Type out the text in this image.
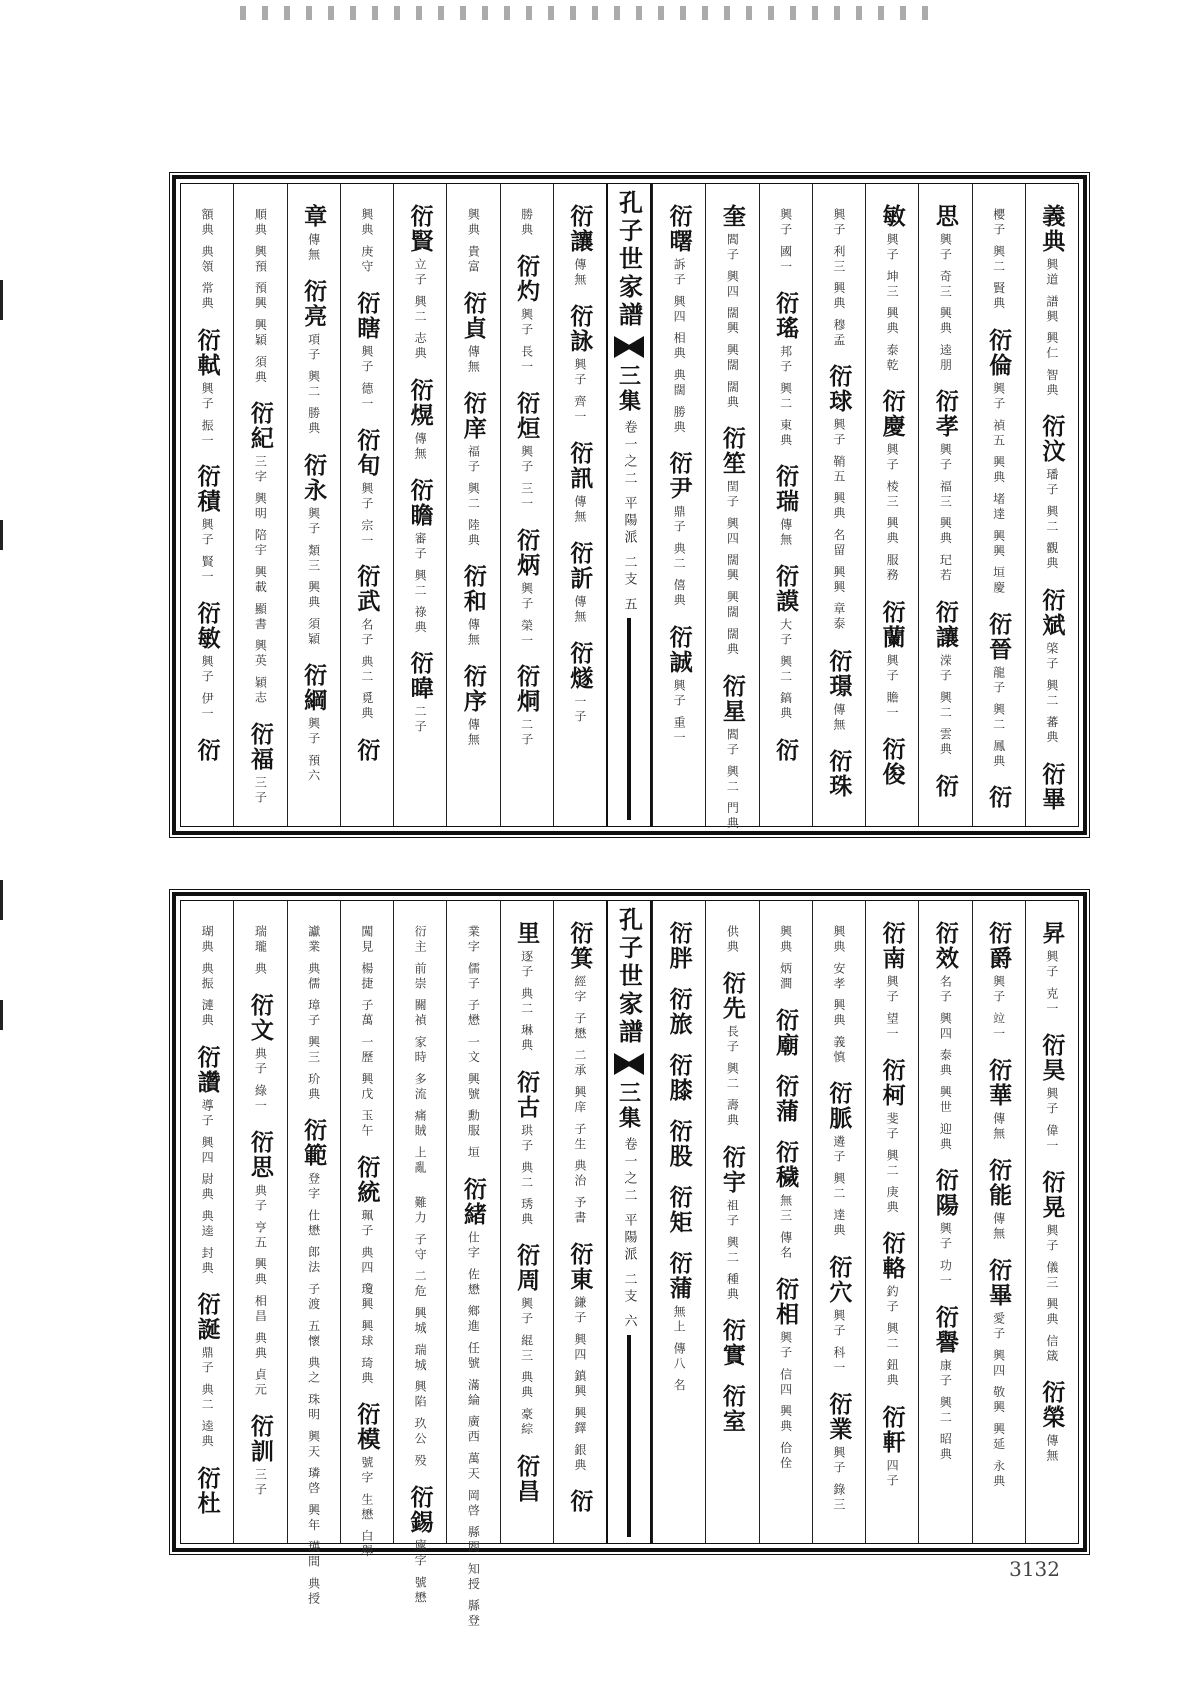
義典
興道 譜興 興仁 智典
衍汶
璠子 興二 觀典
衍斌
棨子 興二 蕃典
衍畢
櫻子 興二 賢典
衍倫
興子 禎五 興典 堵達 興興 垣慶
衍晉
龍子 興二 鳳典
衍
思
興子 奇三 興典 逵朋
衍孝
興子 福三 興典 玘若
衍讓
溁子 興二 雲典
衍
敏
興子 坤三 興典 泰乾
衍慶
興子 棱三 興典 服務
衍蘭
興子 贍一
衍俊
興子 利三 興典 穆孟
衍球
興子 鞘五 興典 名留 興興 章泰
衍璟
傳無
衍珠
興子 國一
衍瑤
邦子 興二 東典
衍瑞
傳無
衍謨
大子 興二 鎬典
衍
奎
閻子 興四 闊興 興闊 闊典
衍笙
閏子 興四 闊興 興闊 闊典
衍星
閻子 興二 門典
衍曙
訴子 興四 相典 典闊 勝典
衍尹
鼎子 典二 僖典
衍誠
興子 重一
孔子世家譜
三集
卷一之二 平陽派 二支
五
衍讓
傳無
衍詠
興子 齊一
衍訊
傳無
衍訢
傳無
衍燧
一子
勝典
衍灼
興子 長一
衍烜
興子 三一
衍炳
興子 榮一
衍烔
二子
興典 貴富
衍貞
傳無
衍庠
福子 興二 陸典
衍和
傳無
衍序
傳無
衍賢
立子 興二 志典
衍熀
傳無
衍瞻
審子 興二 祿典
衍暐
二子
興典 庚守
衍瞎
興子 德一
衍旬
興子 宗一
衍武
名子 典二 覓典
衍
章
傳無
衍亮
項子 興二 勝典
衍永
興子 類三 興典 須穎
衍綱
興子 預六
順典 興預 預興 興穎 須典
衍紀
三字 興明 陪宇 興載 顯書 興英 穎志
衍福
三子
額典 典領 常典
衍軾
興子 振一
衍積
興子 賢一
衍敏
興子 伊一
衍
昇
興子 克一
衍昊
興子 偉一
衍晃
興子 儀三 興典 信箴
衍榮
傳無
衍爵
興子 竝一
衍華
傳無
衍能
傳無
衍畢
愛子 興四 敬興 興延 永典
衍效
名子 興四 泰典 興世 迎典
衍陽
興子 功一
衍譽
康子 興二 昭典
衍南
興子 望一
衍柯
斐子 興二 庚典
衍輅
釣子 興二 鈕典
衍軒
四子
興典 安孝 興典 義慎
衍脈
遴子 興二 達典
衍穴
興子 科一
衍業
興子 錄三
興典 炳澗
衍廟
衍蒲
衍穢
無三 傳名
衍相
興子 信四 興典 佮佺
供典
衍先
長子 興二 壽典
衍宇
祖子 興二 種典
衍實
衍室
衍胖
衍旅
衍膝
衍股
衍矩
衍蒲
無上 傳八 名
孔子世家譜
三集
卷一之二 平陽派 二支
六
衍箕
經字 子懋 二承 興庠 子生 典治 予書
衍東
鎌子 興四 鎮興 興鐸 銀典
衍
里
逐子 典二 琳典
衍古
珙子 典二 琇典
衍周
興子 緄三 典典 豪綜
衍昌
業字 儒子 子懋 一文 興號 勳服 垣
衍緒
仕字 佐懋 鄉進 任號 滿綸 廣西 萬天 岡啓 縣閻 知授 縣登
衍主 前崇 關禎 家時 多流 痛賊 上亂
難力 子守 二危 興城 瑞城 興陷 玖公 殁
衍錫
廩字 號懋
闖見 楊捷 子萬 一歷 興戊 玉午
衍統
珮子 典四 瓊興 興球 琦典
衍模
號字 生懋 白舉
讞業 典儒 璋子 興三 玠典
衍範
登字 仕懋 郎法 子渡 五懷 典之 珠明 興天 璘啓 興年 瑛間 典授
瑞瓏 典
衍文
典子 綠一
衍思
典子 亨五 興典 相昌 典典 貞元
衍訓
三子
瑚典 典振 漣典
衍讚
導子 興四 尉典 典逵 封典
衍誕
鼎子 典二 逵典
衍杜
3132
